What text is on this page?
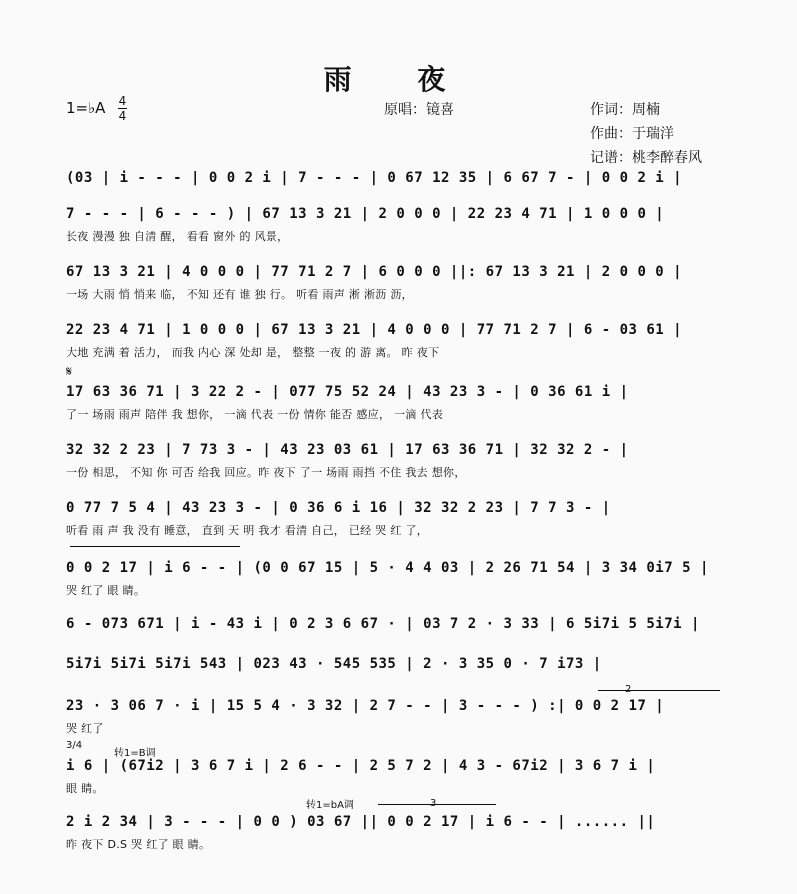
雨 夜
1=♭A 4
4	原唱：镜喜	作词：周楠
作曲：于瑞洋
记谱：桃李醉春风
(03 | i - - - | 0 0 2 i | 7 - - - | 0 67 12 35 | 6 67 7 - | 0 0 2 i |
7 - - - | 6 - - - ) | 67 13 3 21 | 2 0 0 0 | 22 23 4 71 | 1 0 0 0 |
长夜 漫漫 独 自清 醒， 看看 窗外 的 风景，
67 13 3 21 | 4 0 0 0 | 77 71 2 7 | 6 0 0 0 ||: 67 13 3 21 | 2 0 0 0 |
一场 大雨 悄 悄来 临， 不知 还有 谁 独 行。 听看 雨声 淅 淅沥 沥，
22 23 4 71 | 1 0 0 0 | 67 13 3 21 | 4 0 0 0 | 77 71 2 7 | 6 - 03 61 |
大地 充满 着 活力， 而我 内心 深 处却 是， 整整 一夜 的 游 离。 昨 夜下
17 63 36 71 | 3 22 2 - | 077 75 52 24 | 43 23 3 - | 0 36 61 i |
了一 场雨 雨声 陪伴 我 想你， 一滴 代表 一份 情你 能否 感应， 一滴 代表
32 32 2 23 | 7 73 3 - | 43 23 03 61 | 17 63 36 71 | 32 32 2 - |
一份 相思， 不知 你 可否 给我 回应。昨 夜下 了一 场雨 雨挡 不住 我去 想你，
0 77 7 5 4 | 43 23 3 - | 0 36 6 i 16 | 32 32 2 23 | 7 7 3 - |
听看 雨 声 我 没有 睡意， 直到 天 明 我才 看清 自己， 已经 哭 红 了，
0 0 2 17 | i 6 - - | (0 0 67 15 | 5 · 4 4 03 | 2 26 71 54 | 3 34 0i7 5 |
哭 红了 眼 睛。
6 - 073 671 | i - 43 i | 0 2 3 6 67 · | 03 7 2 · 3 33 | 6 5i7i 5 5i7i |
5i7i 5i7i 5i7i 543 | 023 43 · 545 535 | 2 · 3 35 0 · 7 i73 |
23 · 3 06 7 · i | 15 5 4 · 3 32 | 2 7 - - | 3 - - - ) :| 0 0 2 17 |
哭 红了
i 6 | (67i2 | 3 6 7 i | 2 6 - - | 2 5 7 2 | 4 3 - 67i2 | 3 6 7 i |
眼 睛。
2 i 2 34 | 3 - - - | 0 0 ) 03 67 || 0 0 2 17 | i 6 - - | ...... ||
昨 夜下 D.S 哭 红了 眼 睛。
𝄋
3/4
转1=B调
转1=bA调
2
3
